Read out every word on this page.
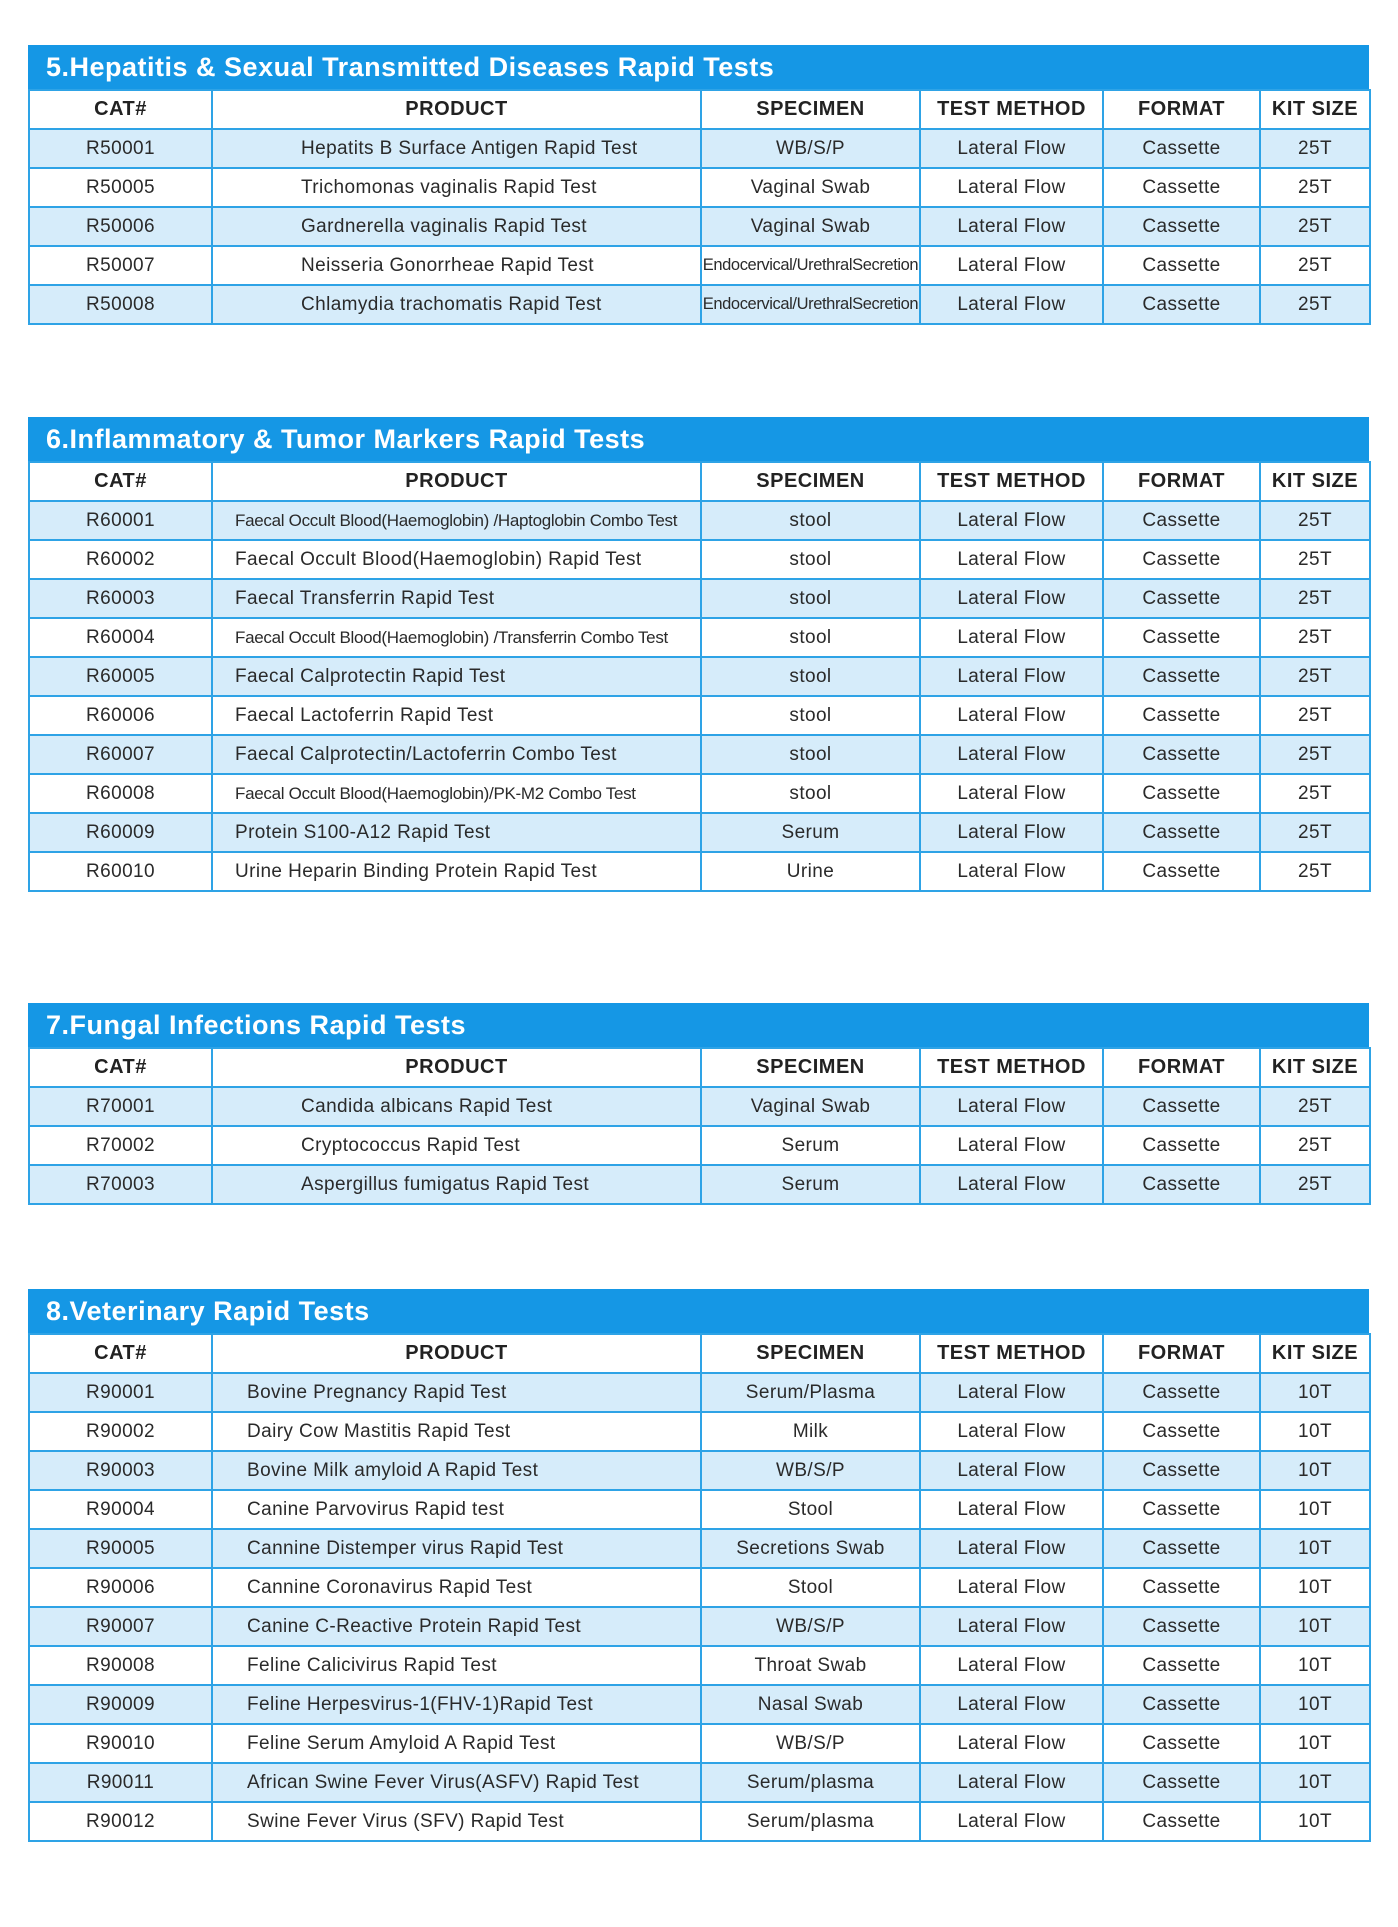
5.Hepatitis & Sexual Transmitted Diseases Rapid Tests
CAT#	PRODUCT	SPECIMEN	TEST METHOD	FORMAT	KIT SIZE
R50001	Hepatits B Surface Antigen Rapid Test	WB/S/P	Lateral Flow	Cassette	25T
R50005	Trichomonas vaginalis Rapid Test	Vaginal Swab	Lateral Flow	Cassette	25T
R50006	Gardnerella vaginalis Rapid Test	Vaginal Swab	Lateral Flow	Cassette	25T
R50007	Neisseria Gonorrheae Rapid Test	Endocervical/UrethralSecretion	Lateral Flow	Cassette	25T
R50008	Chlamydia trachomatis Rapid Test	Endocervical/UrethralSecretion	Lateral Flow	Cassette	25T
6.Inflammatory & Tumor Markers Rapid Tests
CAT#	PRODUCT	SPECIMEN	TEST METHOD	FORMAT	KIT SIZE
R60001	Faecal Occult Blood(Haemoglobin) /Haptoglobin Combo Test	stool	Lateral Flow	Cassette	25T
R60002	Faecal Occult Blood(Haemoglobin) Rapid Test	stool	Lateral Flow	Cassette	25T
R60003	Faecal Transferrin Rapid Test	stool	Lateral Flow	Cassette	25T
R60004	Faecal Occult Blood(Haemoglobin) /Transferrin Combo Test	stool	Lateral Flow	Cassette	25T
R60005	Faecal Calprotectin Rapid Test	stool	Lateral Flow	Cassette	25T
R60006	Faecal Lactoferrin Rapid Test	stool	Lateral Flow	Cassette	25T
R60007	Faecal Calprotectin/Lactoferrin Combo Test	stool	Lateral Flow	Cassette	25T
R60008	Faecal Occult Blood(Haemoglobin)/PK-M2 Combo Test	stool	Lateral Flow	Cassette	25T
R60009	Protein S100-A12 Rapid Test	Serum	Lateral Flow	Cassette	25T
R60010	Urine Heparin Binding Protein Rapid Test	Urine	Lateral Flow	Cassette	25T
7.Fungal Infections Rapid Tests
CAT#	PRODUCT	SPECIMEN	TEST METHOD	FORMAT	KIT SIZE
R70001	Candida albicans Rapid Test	Vaginal Swab	Lateral Flow	Cassette	25T
R70002	Cryptococcus Rapid Test	Serum	Lateral Flow	Cassette	25T
R70003	Aspergillus fumigatus Rapid Test	Serum	Lateral Flow	Cassette	25T
8.Veterinary Rapid Tests
CAT#	PRODUCT	SPECIMEN	TEST METHOD	FORMAT	KIT SIZE
R90001	Bovine Pregnancy Rapid Test	Serum/Plasma	Lateral Flow	Cassette	10T
R90002	Dairy Cow Mastitis Rapid Test	Milk	Lateral Flow	Cassette	10T
R90003	Bovine Milk amyloid A Rapid Test	WB/S/P	Lateral Flow	Cassette	10T
R90004	Canine Parvovirus Rapid test	Stool	Lateral Flow	Cassette	10T
R90005	Cannine Distemper virus Rapid Test	Secretions Swab	Lateral Flow	Cassette	10T
R90006	Cannine Coronavirus Rapid Test	Stool	Lateral Flow	Cassette	10T
R90007	Canine C-Reactive Protein Rapid Test	WB/S/P	Lateral Flow	Cassette	10T
R90008	Feline Calicivirus Rapid Test	Throat Swab	Lateral Flow	Cassette	10T
R90009	Feline Herpesvirus-1(FHV-1)Rapid Test	Nasal Swab	Lateral Flow	Cassette	10T
R90010	Feline Serum Amyloid A Rapid Test	WB/S/P	Lateral Flow	Cassette	10T
R90011	African Swine Fever Virus(ASFV) Rapid Test	Serum/plasma	Lateral Flow	Cassette	10T
R90012	Swine Fever Virus (SFV) Rapid Test	Serum/plasma	Lateral Flow	Cassette	10T
